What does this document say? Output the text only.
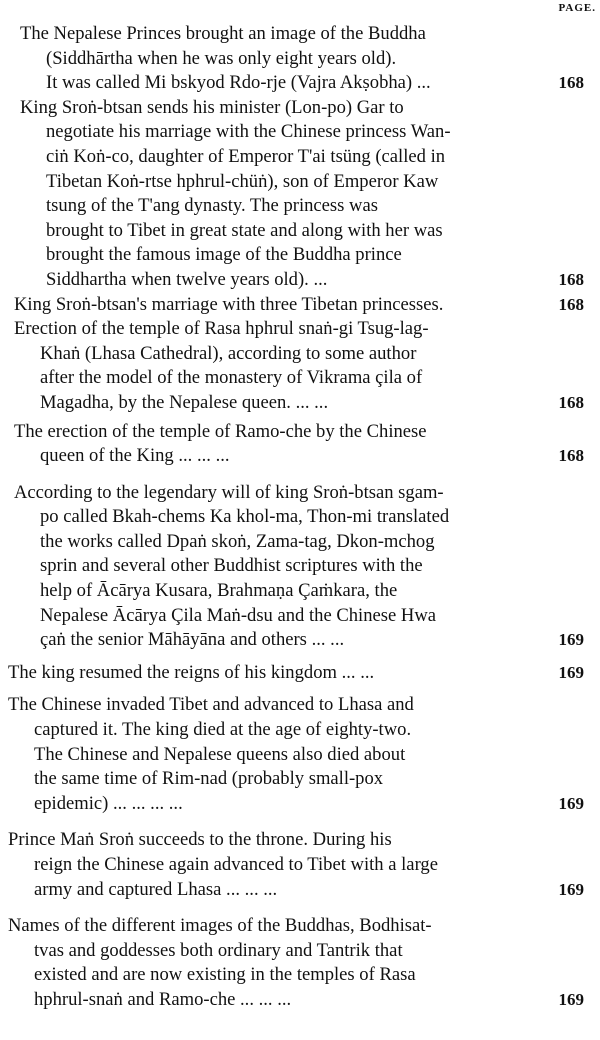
PAGE.
The Nepalese Princes brought an image of the Buddha
(Siddhārtha when he was only eight years old).
It was called Mi bskyod Rdo-rje (Vajra Akṣobha) ...	168
King Sroṅ-btsan sends his minister (Lon-po) Gar to
negotiate his marriage with the Chinese princess Wan-
ciṅ Koṅ-co, daughter of Emperor T'ai tsüng (called in
Tibetan Koṅ-rtse hphrul-chüṅ), son of Emperor Kaw
tsung of the T'ang dynasty. The princess was
brought to Tibet in great state and along with her was
brought the famous image of the Buddha prince
Siddhartha when twelve years old). ...	168
King Sroṅ-btsan's marriage with three Tibetan princesses.	168
Erection of the temple of Rasa hphrul snaṅ-gi Tsug-lag-
Khaṅ (Lhasa Cathedral), according to some author
after the model of the monastery of Vikrama çila of
Magadha, by the Nepalese queen. ... ...	168
The erection of the temple of Ramo-che by the Chinese
queen of the King ... ... ...	168
According to the legendary will of king Sroṅ-btsan sgam-
po called Bkah-chems Ka khol-ma, Thon-mi translated
the works called Dpaṅ skoṅ, Zama-tag, Dkon-mchog
sprin and several other Buddhist scriptures with the
help of Ācārya Kusara, Brahmaṇa Çaṁkara, the
Nepalese Ācārya Çila Maṅ-dsu and the Chinese Hwa
çaṅ the senior Māhāyāna and others ... ...	169
The king resumed the reigns of his kingdom ... ...	169
The Chinese invaded Tibet and advanced to Lhasa and
captured it. The king died at the age of eighty-two.
The Chinese and Nepalese queens also died about
the same time of Rim-nad (probably small-pox
epidemic) ... ... ... ...	169
Prince Maṅ Sroṅ succeeds to the throne. During his
reign the Chinese again advanced to Tibet with a large
army and captured Lhasa ... ... ...	169
Names of the different images of the Buddhas, Bodhisat-
tvas and goddesses both ordinary and Tantrik that
existed and are now existing in the temples of Rasa
hphrul-snaṅ and Ramo-che ... ... ...	169
